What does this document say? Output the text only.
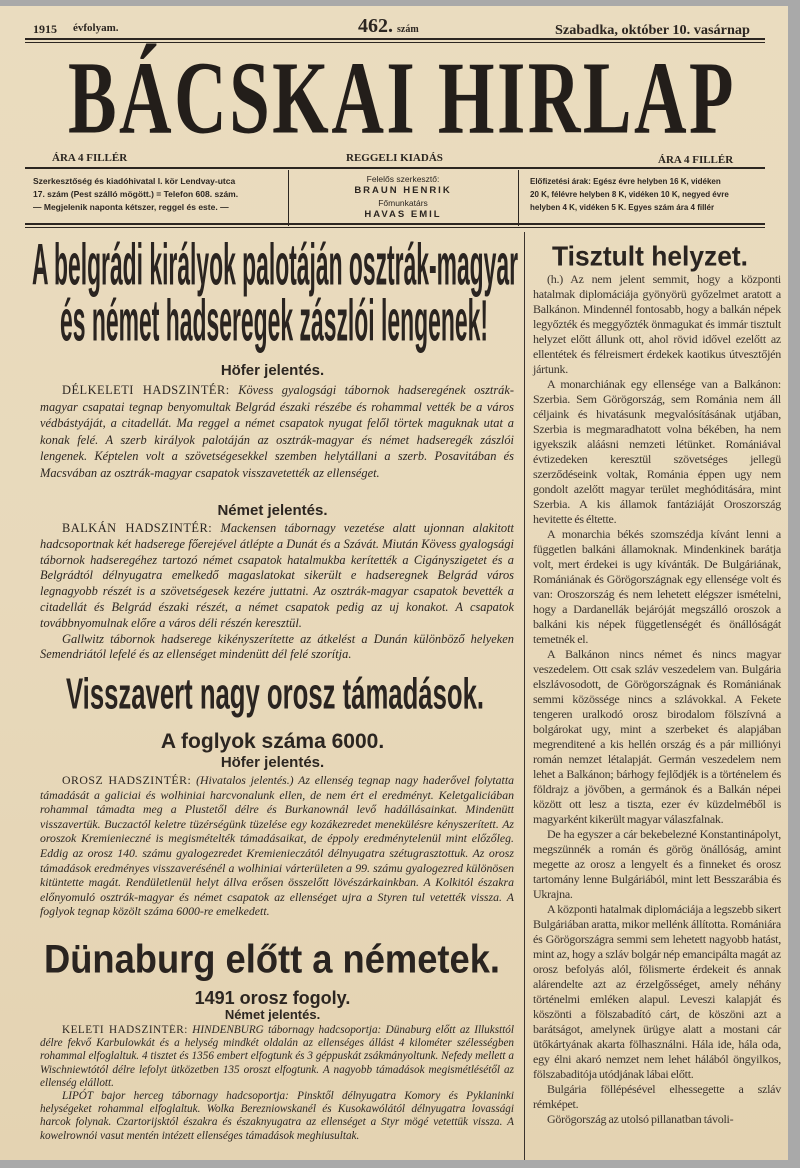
1915 évfolyam.	462. szám	Szabadka, október 10. vasárnap
BÁCSKAI HIRLAP
ÁRA 4 FILLÉR	REGGELI KIADÁS	ÁRA 4 FILLÉR
Szerkesztőség és kiadóhivatal I. kör Lendvay-utca
17. szám (Pest szálló mögött.) = Telefon 608. szám.
— Megjelenik naponta kétszer, reggel és este. —
Felelős szerkesztő:
BRAUN HENRIK
Főmunkatárs
HAVAS EMIL
Előfizetési árak: Egész évre helyben 16 K, vidéken
20 K, félévre helyben 8 K, vidéken 10 K, negyed évre
helyben 4 K, vidéken 5 K. Egyes szám ára 4 fillér
A belgrádi királyok palotáján osztrák-magyar
és német hadseregek zászlói lengenek!
Höfer jelentés.

DÉLKELETI HADSZINTÉR: Kövess gyalogsági tábornok hadseregének osztrák-magyar csapatai tegnap benyomultak Belgrád északi részébe és rohammal vették be a város védbástyáját, a citadellát. Ma reggel a német csapatok nyugat felől törtek maguknak utat a konak felé. A szerb királyok palotáján az osztrák-magyar és német hadseregék zászlói lengenek. Képtelen volt a szövetségesekkel szemben helytállani a szerb. Posavitában és Macsvában az osztrák-magyar csapatok visszavetették az ellenséget.

Német jelentés.

BALKÁN HADSZINTÉR: Mackensen tábornagy vezetése alatt ujonnan alakitott hadcsoportnak két hadserege főerejével átlépte a Dunát és a Szávát. Miután Kövess gyalogsági tábornok hadseregéhez tartozó német csapatok hatalmukba kerítették a Cigányszigetet és a Belgrádtól délnyugatra emelkedő magaslatokat sikerült e hadseregnek Belgrád város legnagyobb részét is a szövetségesek kezére juttatni. Az osztrák-magyar csapatok bevették a citadellát és Belgrád északi részét, a német csapatok pedig az uj konakot. A csapatok továbbnyomulnak előre a város déli részén keresztül.

Gallwitz tábornok hadserege kikényszerítette az átkelést a Dunán különböző helyeken Semendriától lefelé és az ellenséget mindenütt dél felé szorítja.

Visszavert nagy orosz támadások.
A foglyok száma 6000.
Höfer jelentés.

OROSZ HADSZINTÉR: (Hivatalos jelentés.) Az ellenség tegnap nagy haderővel folytatta támadását a galiciai és wolhiniai harcvonalunk ellen, de nem ért el eredményt. Keletgaliciában rohammal támadta meg a Plustetől délre és Burkanownál levő hadállásainkat. Mindenütt visszavertük. Buczactól keletre tüzérségünk tüzelése egy kozákezredet menekülésre kényszerített. Az oroszok Kremienieczné is megismételték támadásaikat, de éppoly eredménytelenül mint előzőleg. Eddig az orosz 140. számu gyalogezredet Kremienieczától délnyugatra szétugrasztottuk. Az orosz támadások eredményes visszaverésénél a wolhiniai várterületen a 99. számu gyalogezred különösen kitüntette magát. Rendületlenül helyt állva erősen összelőtt lövészárkainkban. A Kolkitól északra előnyomuló osztrák-magyar és német csapatok az ellenséget ujra a Styren tul vetették vissza. A foglyok tegnap közölt száma 6000-re emelkedett.

Dünaburg előtt a németek.
1491 orosz fogoly.
Német jelentés.

KELETI HADSZINTÉR: HINDENBURG tábornagy hadcsoportja: Dünaburg előtt az Illuksttól délre fekvő Karbulowkát és a helység mindkét oldalán az ellenséges állást 4 kilométer szélességben rohammal elfoglaltuk. 4 tisztet és 1356 embert elfogtunk és 3 géppuskát zsákmányoltunk. Nefedy mellett a Wischniewtótól délre lefolyt ütközetben 135 oroszt elfogtunk. A nagyobb támadások megismétlésétől az ellenség elállott.

LIPÓT bajor herceg tábornagy hadcsoportja: Pinsktől délnyugatra Komory és Pyklaninki helységeket rohammal elfoglaltuk. Wolka Berezniowskanél és Kusokawólától délnyugatra lovassági harcok folynak. Czartorijsktól északra és északnyugatra az ellenséget a Styr mögé vetettük vissza. A kowelrownói vasut mentén intézett ellenséges támadások meghiusultak.

Tisztult helyzet.

(h.) Az nem jelent semmit, hogy a központi hatalmak diplomáciája gyönyörü győzelmet aratott a Balkánon. Mindennél fontosabb, hogy a balkán népek legyőzték és meggyőzték önmagukat és immár tisztult helyzet előtt állunk ott, ahol rövid idővel ezelőtt az ellentétek és félreismert érdekek kaotikus útvesztőjén jártunk.

A monarchiának egy ellensége van a Balkánon: Szerbia. Sem Görögország, sem Románia nem áll céljaink és hivatásunk megvalósításának utjában, Szerbia is megmaradhatott volna békében, ha nem igyekszik aláásni nemzeti létünket. Romániával évtizedeken keresztül szövetséges jellegü szerződéseink voltak, Románia éppen ugy nem gondolt azelőtt magyar terület meghóditására, mint Szerbia. A kis államok fantáziáját Oroszország hevitette és éltette.

A monarchia békés szomszédja kívánt lenni a független balkáni államoknak. Mindenkinek barátja volt, mert érdekei is ugy kívánták. De Bulgáriának, Romániának és Görögországnak egy ellensége volt és van: Oroszország és nem lehetett elégszer ismételni, hogy a Dardanellák bejáróját megszálló oroszok a balkáni kis népek függetlenségét és önállóságát temetnék el.

A Balkánon nincs német és nincs magyar veszedelem. Ott csak szláv veszedelem van. Bulgária elszlávosodott, de Görögországnak és Romániának semmi közössége nincs a szlávokkal. A Fekete tengeren uralkodó orosz birodalom fölszívná a bolgárokat ugy, mint a szerbeket és alapjában megrenditené a kis hellén ország és a pár milliónyi román nemzet létalapját. Germán veszedelem nem lehet a Balkánon; bárhogy fejlődjék is a történelem és földrajz a jövőben, a germánok és a Balkán népei között ott lesz a tiszta, ezer év küzdelméből is magyarként kikerült magyar válaszfalnak.

De ha egyszer a cár bekebelezné Konstantinápolyt, megszünnék a román és görög önállóság, amint megette az orosz a lengyelt és a finneket és orosz tartomány lenne Bulgáriából, mint lett Besszarábia és Ukrajna.

A központi hatalmak diplomáciája a legszebb sikert Bulgáriában aratta, mikor mellénk állította. Romániára és Görögországra semmi sem lehetett nagyobb hatást, mint az, hogy a szláv bolgár nép emancipálta magát az orosz befolyás alól, fölismerte érdekeit és annak alárendelte azt az érzelgősséget, amely néhány történelmi emléken alapul. Leveszi kalapját és köszönti a fölszabadító cárt, de köszöni azt a barátságot, amelynek ürügye alatt a mostani cár ütőkártyának akarta fölhasználni. Hála ide, hála oda, egy élni akaró nemzet nem lehet hálából öngyilkos, fölszabaditója utódjának lábai előtt.

Bulgária föllépésével elhessegette a szláv rémképet.

Görögország az utolsó pillanatban távoli-
